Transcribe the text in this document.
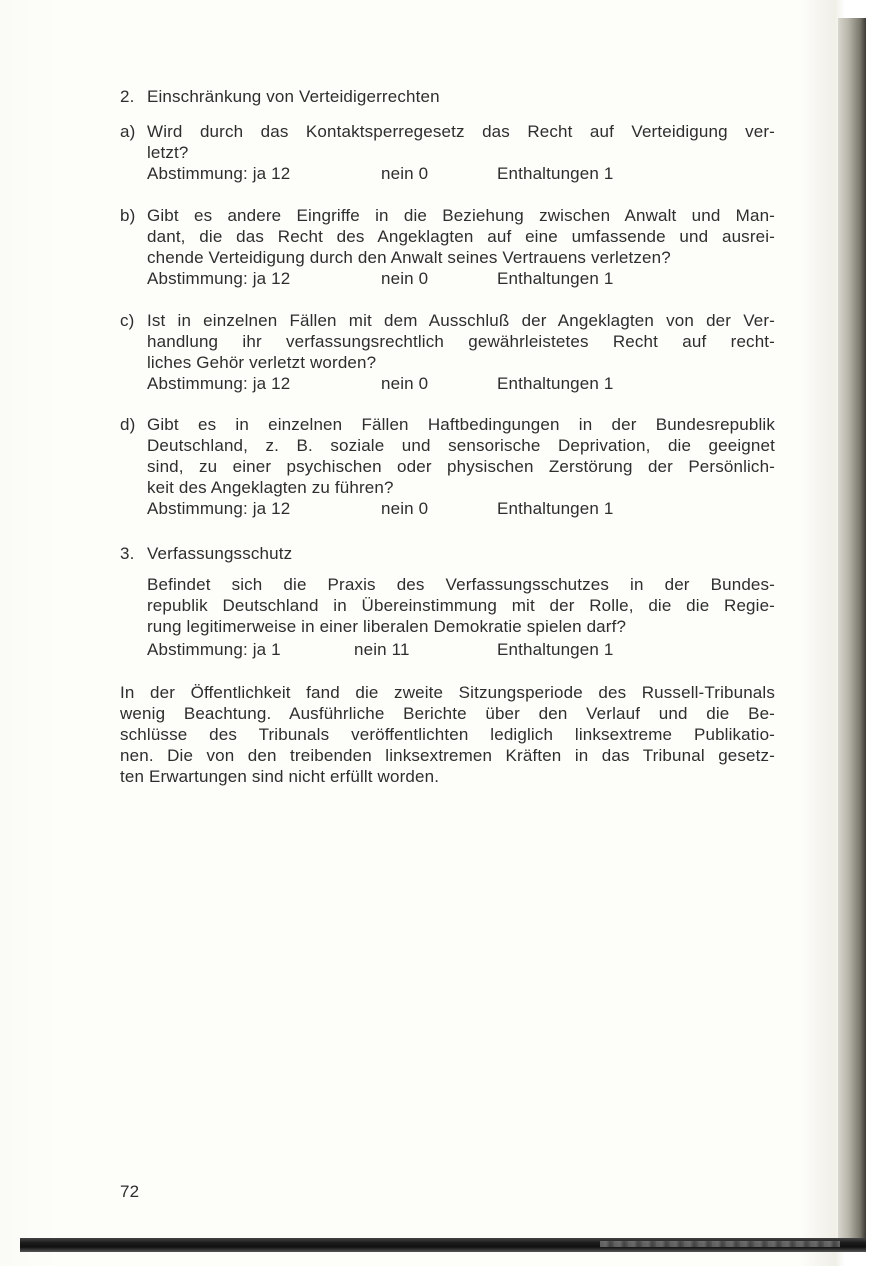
2. Einschränkung von Verteidigerrechten
a) Wird durch das Kontaktsperregesetz das Recht auf Verteidigung ver-
letzt?
Abstimmung: ja 12	nein 0	Enthaltungen 1
b) Gibt es andere Eingriffe in die Beziehung zwischen Anwalt und Man-
dant, die das Recht des Angeklagten auf eine umfassende und ausrei-
chende Verteidigung durch den Anwalt seines Vertrauens verletzen?
Abstimmung: ja 12	nein 0	Enthaltungen 1
c) Ist in einzelnen Fällen mit dem Ausschluß der Angeklagten von der Ver-
handlung ihr verfassungsrechtlich gewährleistetes Recht auf recht-
liches Gehör verletzt worden?
Abstimmung: ja 12	nein 0	Enthaltungen 1
d) Gibt es in einzelnen Fällen Haftbedingungen in der Bundesrepublik
Deutschland, z. B. soziale und sensorische Deprivation, die geeignet
sind, zu einer psychischen oder physischen Zerstörung der Persönlich-
keit des Angeklagten zu führen?
Abstimmung: ja 12	nein 0	Enthaltungen 1
3. Verfassungsschutz
Befindet sich die Praxis des Verfassungsschutzes in der Bundes-
republik Deutschland in Übereinstimmung mit der Rolle, die die Regie-
rung legitimerweise in einer liberalen Demokratie spielen darf?
Abstimmung: ja 1	nein 11	Enthaltungen 1
In der Öffentlichkeit fand die zweite Sitzungsperiode des Russell-Tribunals
wenig Beachtung. Ausführliche Berichte über den Verlauf und die Be-
schlüsse des Tribunals veröffentlichten lediglich linksextreme Publikatio-
nen. Die von den treibenden linksextremen Kräften in das Tribunal gesetz-
ten Erwartungen sind nicht erfüllt worden.
72
